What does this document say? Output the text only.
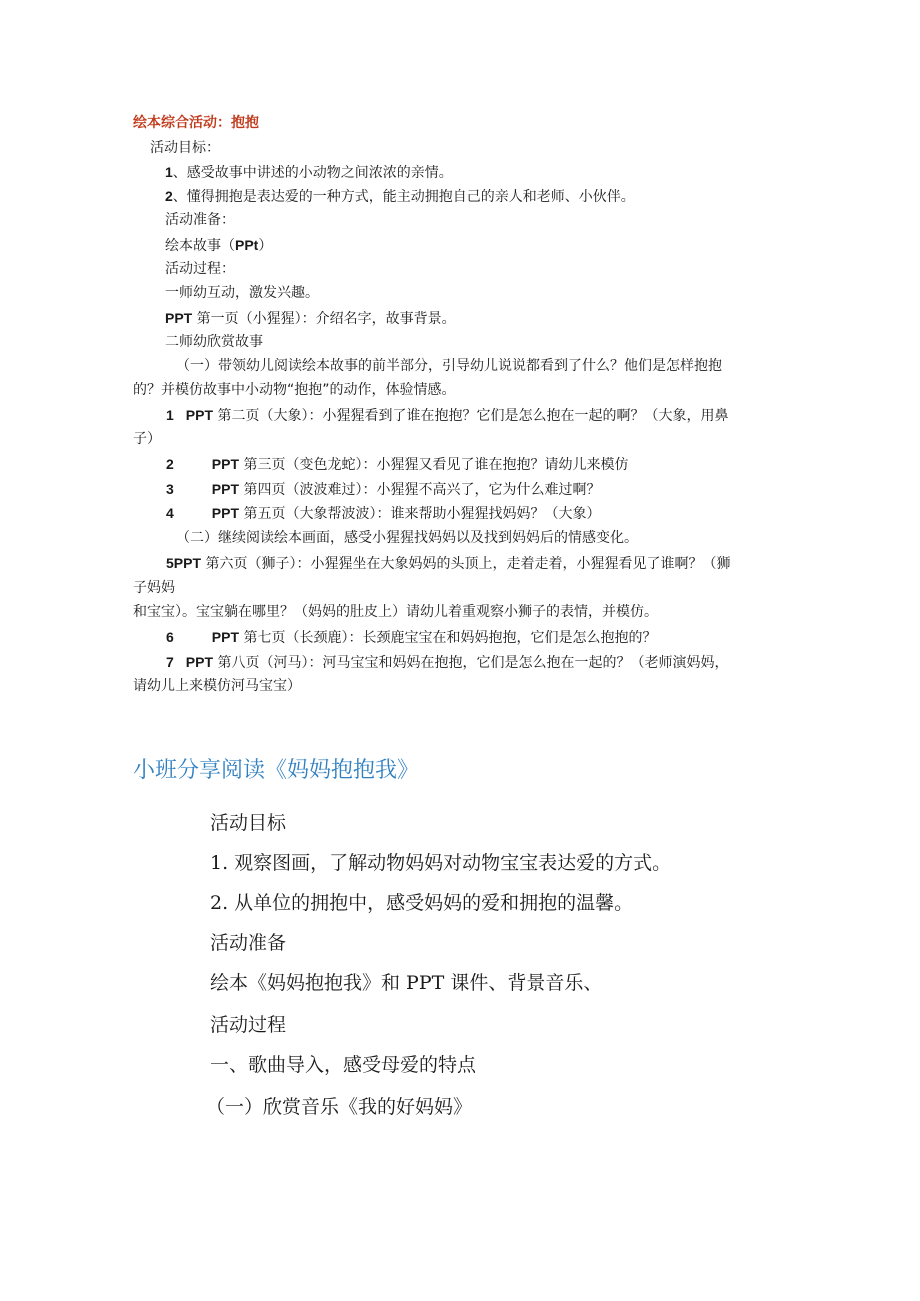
绘本综合活动：抱抱
活动目标：
1、感受故事中讲述的小动物之间浓浓的亲情。
2、懂得拥抱是表达爱的一种方式，能主动拥抱自己的亲人和老师、小伙伴。
活动准备：
绘本故事（PPt）
活动过程：
一师幼互动，激发兴趣。
PPT 第一页（小猩猩）：介绍名字，故事背景。
二师幼欣赏故事
（一）带领幼儿阅读绘本故事的前半部分，引导幼儿说说都看到了什么？他们是怎样抱抱
的？并模仿故事中小动物“抱抱”的动作，体验情感。
1 PPT 第二页（大象）：小猩猩看到了谁在抱抱？它们是怎么抱在一起的啊？（大象，用鼻
子）
2	PPT 第三页（变色龙蛇）：小猩猩又看见了谁在抱抱？请幼儿来模仿
3	PPT 第四页（波波难过）：小猩猩不高兴了，它为什么难过啊？
4	PPT 第五页（大象帮波波）：谁来帮助小猩猩找妈妈？（大象）
（二）继续阅读绘本画面，感受小猩猩找妈妈以及找到妈妈后的情感变化。
5PPT 第六页（狮子）：小猩猩坐在大象妈妈的头顶上，走着走着，小猩猩看见了谁啊？（狮
子妈妈
和宝宝）。宝宝躺在哪里？（妈妈的肚皮上）请幼儿着重观察小狮子的表情，并模仿。
6	PPT 第七页（长颈鹿）：长颈鹿宝宝在和妈妈抱抱，它们是怎么抱抱的？
7 PPT 第八页（河马）：河马宝宝和妈妈在抱抱，它们是怎么抱在一起的？（老师演妈妈，
请幼儿上来模仿河马宝宝）
小班分享阅读《妈妈抱抱我》
活动目标
1. 观察图画，了解动物妈妈对动物宝宝表达爱的方式。
2. 从单位的拥抱中，感受妈妈的爱和拥抱的温馨。
活动准备
绘本《妈妈抱抱我》和 PPT 课件、背景音乐、
活动过程
一、歌曲导入，感受母爱的特点
（一）欣赏音乐《我的好妈妈》
